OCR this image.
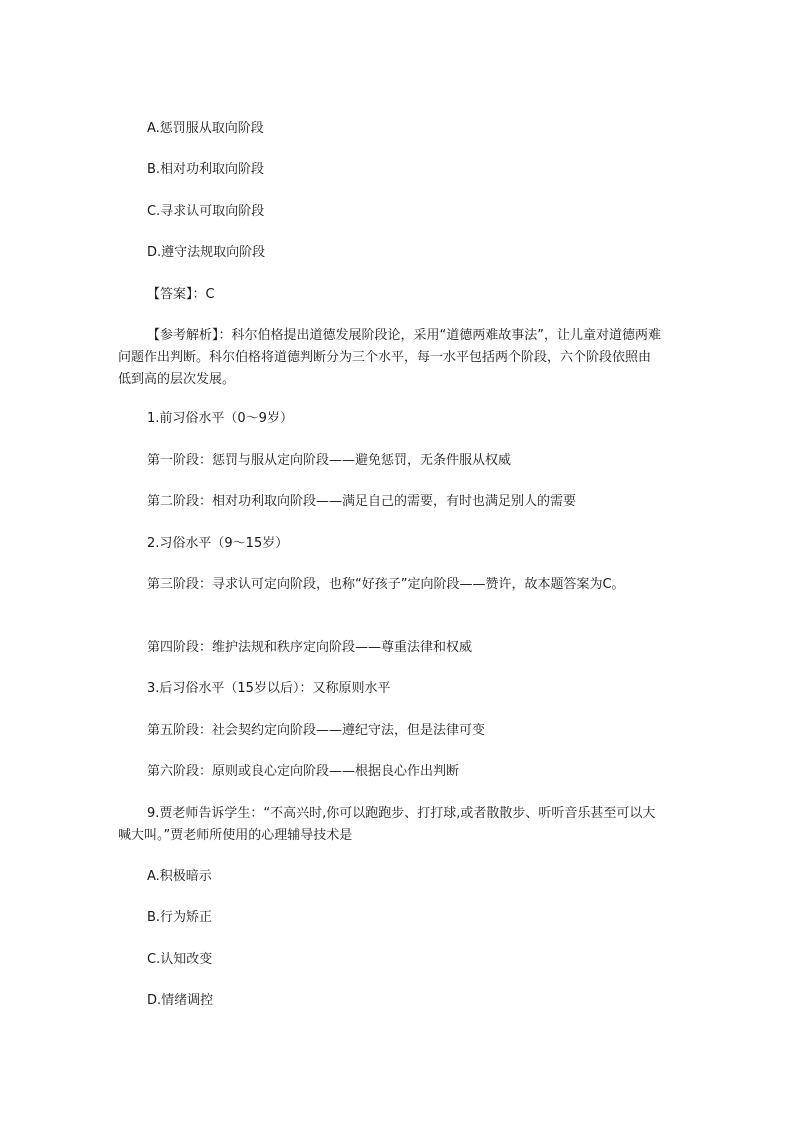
A.惩罚服从取向阶段
B.相对功利取向阶段
C.寻求认可取向阶段
D.遵守法规取向阶段
【答案】：C
【参考解析】：科尔伯格提出道德发展阶段论，采用“道德两难故事法”，让儿童对道德两难问题作出判断。科尔伯格将道德判断分为三个水平，每一水平包括两个阶段，六个阶段依照由低到高的层次发展。
1.前习俗水平（0～9岁）
第一阶段：惩罚与服从定向阶段——避免惩罚，无条件服从权威
第二阶段：相对功利取向阶段——满足自己的需要，有时也满足别人的需要
2.习俗水平（9～15岁）
第三阶段：寻求认可定向阶段，也称“好孩子”定向阶段——赞许，故本题答案为C。
第四阶段：维护法规和秩序定向阶段——尊重法律和权威
3.后习俗水平（15岁以后）：又称原则水平
第五阶段：社会契约定向阶段——遵纪守法，但是法律可变
第六阶段：原则或良心定向阶段——根据良心作出判断
9.贾老师告诉学生：“不高兴时,你可以跑跑步、打打球,或者散散步、听听音乐甚至可以大喊大叫。”贾老师所使用的心理辅导技术是
A.积极暗示
B.行为矫正
C.认知改变
D.情绪调控
